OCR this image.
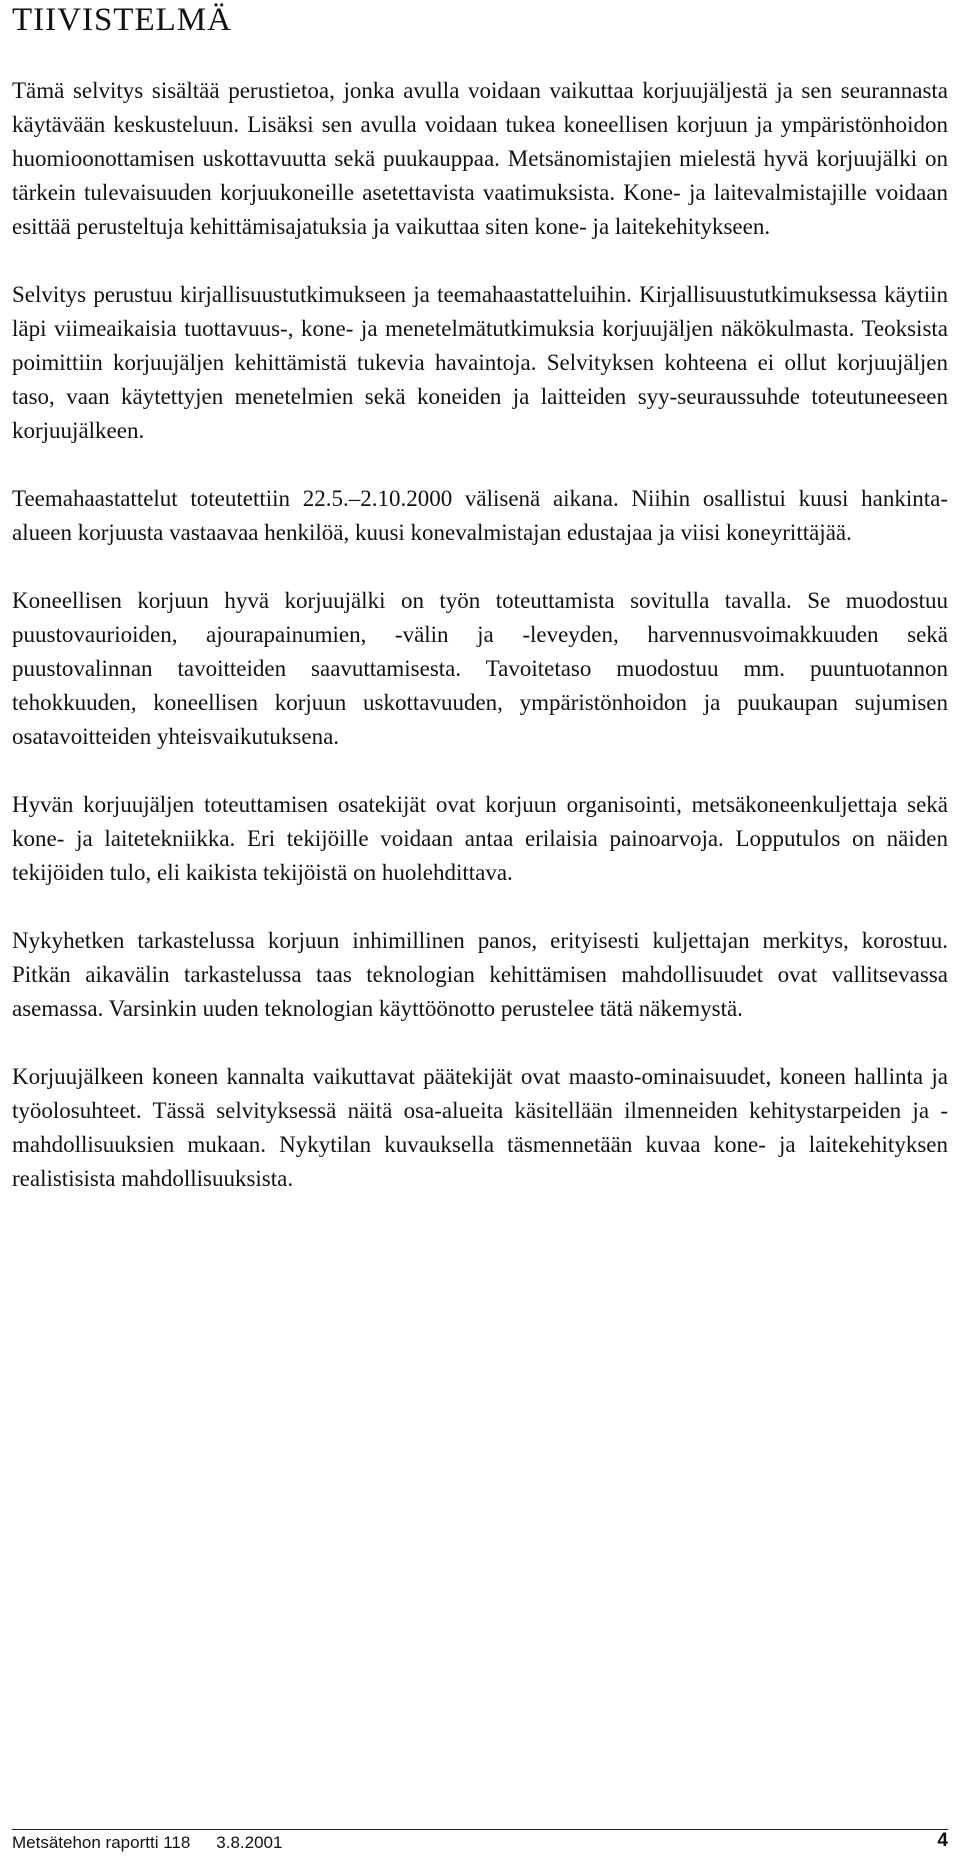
TIIVISTELMÄ

Tämä selvitys sisältää perustietoa, jonka avulla voidaan vaikuttaa korjuujäljestä ja sen seurannasta käytävään keskusteluun. Lisäksi sen avulla voidaan tukea koneellisen korjuun ja ympäristönhoidon huomioonottamisen uskottavuutta sekä puukauppaa. Metsänomistajien mielestä hyvä korjuujälki on tärkein tulevaisuuden korjuukoneille asetettavista vaatimuksista. Kone- ja laitevalmistajille voidaan esittää perusteltuja kehittämisajatuksia ja vaikuttaa siten kone- ja laitekehitykseen.

Selvitys perustuu kirjallisuustutkimukseen ja teemahaastatteluihin. Kirjallisuustutkimuksessa käytiin läpi viimeaikaisia tuottavuus-, kone- ja menetelmätutkimuksia korjuujäljen näkökulmasta. Teoksista poimittiin korjuujäljen kehittämistä tukevia havaintoja. Selvityksen kohteena ei ollut korjuujäljen taso, vaan käytettyjen menetelmien sekä koneiden ja laitteiden syy-seuraussuhde toteutuneeseen korjuujälkeen.

Teemahaastattelut toteutettiin 22.5.–2.10.2000 välisenä aikana. Niihin osallistui kuusi hankinta-alueen korjuusta vastaavaa henkilöä, kuusi konevalmistajan edustajaa ja viisi koneyrittäjää.

Koneellisen korjuun hyvä korjuujälki on työn toteuttamista sovitulla tavalla. Se muodostuu puustovaurioiden, ajourapainumien, -välin ja -leveyden, harvennusvoimakkuuden sekä puustovalinnan tavoitteiden saavuttamisesta. Tavoitetaso muodostuu mm. puuntuotannon tehokkuuden, koneellisen korjuun uskottavuuden, ympäristönhoidon ja puukaupan sujumisen osatavoitteiden yhteisvaikutuksena.

Hyvän korjuujäljen toteuttamisen osatekijät ovat korjuun organisointi, metsäkoneenkuljettaja sekä kone- ja laitetekniikka. Eri tekijöille voidaan antaa erilaisia painoarvoja. Lopputulos on näiden tekijöiden tulo, eli kaikista tekijöistä on huolehdittava.

Nykyhetken tarkastelussa korjuun inhimillinen panos, erityisesti kuljettajan merkitys, korostuu. Pitkän aikavälin tarkastelussa taas teknologian kehittämisen mahdollisuudet ovat vallitsevassa asemassa. Varsinkin uuden teknologian käyttöönotto perustelee tätä näkemystä.

Korjuujälkeen koneen kannalta vaikuttavat päätekijät ovat maasto-ominaisuudet, koneen hallinta ja työolosuhteet. Tässä selvityksessä näitä osa-alueita käsitellään ilmenneiden kehitystarpeiden ja -mahdollisuuksien mukaan. Nykytilan kuvauksella täsmennetään kuvaa kone- ja laitekehityksen realistisista mahdollisuuksista.

Metsätehon raportti 118 3.8.2001	4
